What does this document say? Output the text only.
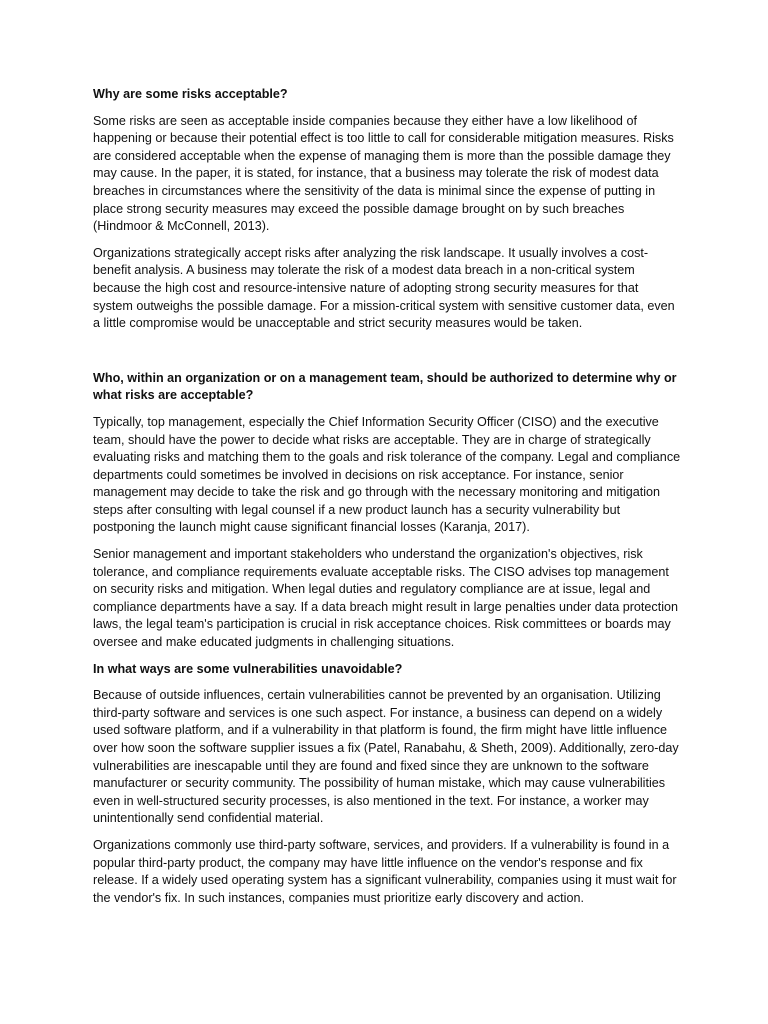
Why are some risks acceptable?

Some risks are seen as acceptable inside companies because they either have a low likelihood of happening or because their potential effect is too little to call for considerable mitigation measures. Risks are considered acceptable when the expense of managing them is more than the possible damage they may cause. In the paper, it is stated, for instance, that a business may tolerate the risk of modest data breaches in circumstances where the sensitivity of the data is minimal since the expense of putting in place strong security measures may exceed the possible damage brought on by such breaches (Hindmoor & McConnell, 2013).

Organizations strategically accept risks after analyzing the risk landscape. It usually involves a cost-benefit analysis. A business may tolerate the risk of a modest data breach in a non-critical system because the high cost and resource-intensive nature of adopting strong security measures for that system outweighs the possible damage. For a mission-critical system with sensitive customer data, even a little compromise would be unacceptable and strict security measures would be taken.

Who, within an organization or on a management team, should be authorized to determine why or what risks are acceptable?

Typically, top management, especially the Chief Information Security Officer (CISO) and the executive team, should have the power to decide what risks are acceptable. They are in charge of strategically evaluating risks and matching them to the goals and risk tolerance of the company. Legal and compliance departments could sometimes be involved in decisions on risk acceptance. For instance, senior management may decide to take the risk and go through with the necessary monitoring and mitigation steps after consulting with legal counsel if a new product launch has a security vulnerability but postponing the launch might cause significant financial losses (Karanja, 2017).

Senior management and important stakeholders who understand the organization's objectives, risk tolerance, and compliance requirements evaluate acceptable risks. The CISO advises top management on security risks and mitigation. When legal duties and regulatory compliance are at issue, legal and compliance departments have a say. If a data breach might result in large penalties under data protection laws, the legal team's participation is crucial in risk acceptance choices. Risk committees or boards may oversee and make educated judgments in challenging situations.

In what ways are some vulnerabilities unavoidable?

Because of outside influences, certain vulnerabilities cannot be prevented by an organisation. Utilizing third-party software and services is one such aspect. For instance, a business can depend on a widely used software platform, and if a vulnerability in that platform is found, the firm might have little influence over how soon the software supplier issues a fix (Patel, Ranabahu, & Sheth, 2009). Additionally, zero-day vulnerabilities are inescapable until they are found and fixed since they are unknown to the software manufacturer or security community. The possibility of human mistake, which may cause vulnerabilities even in well-structured security processes, is also mentioned in the text. For instance, a worker may unintentionally send confidential material.

Organizations commonly use third-party software, services, and providers. If a vulnerability is found in a popular third-party product, the company may have little influence on the vendor's response and fix release. If a widely used operating system has a significant vulnerability, companies using it must wait for the vendor's fix. In such instances, companies must prioritize early discovery and action.
